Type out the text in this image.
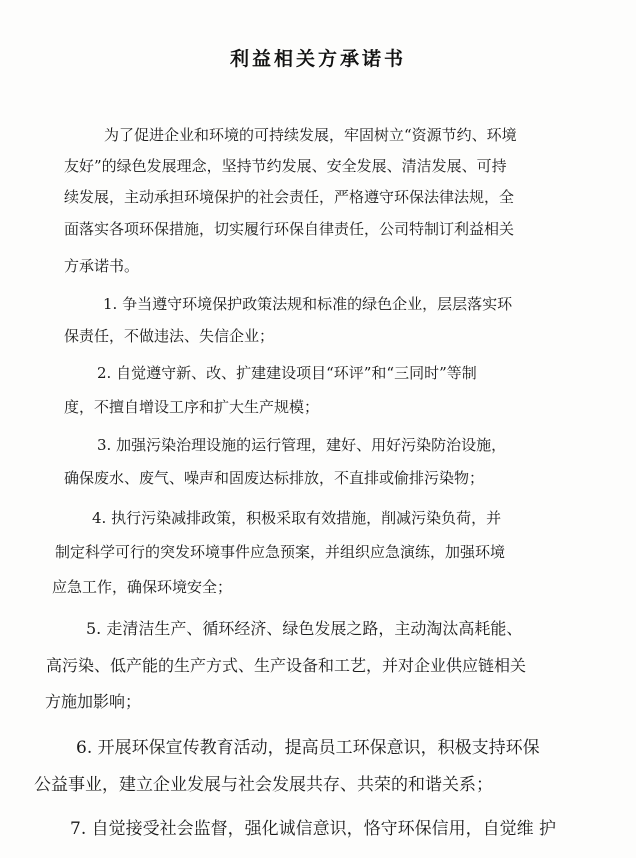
利益相关方承诺书
为了促进企业和环境的可持续发展，牢固树立“资源节约、环境
友好”的绿色发展理念，坚持节约发展、安全发展、清洁发展、可持
续发展，主动承担环境保护的社会责任，严格遵守环保法律法规，全
面落实各项环保措施，切实履行环保自律责任，公司特制订利益相关
方承诺书。
1. 争当遵守环境保护政策法规和标准的绿色企业，层层落实环
保责任，不做违法、失信企业；
2. 自觉遵守新、改、扩建建设项目“环评”和“三同时”等制
度，不擅自增设工序和扩大生产规模；
3. 加强污染治理设施的运行管理，建好、用好污染防治设施，
确保废水、废气、噪声和固废达标排放，不直排或偷排污染物；
4. 执行污染减排政策，积极采取有效措施，削减污染负荷，并
制定科学可行的突发环境事件应急预案，并组织应急演练，加强环境
应急工作，确保环境安全；
5. 走清洁生产、循环经济、绿色发展之路，主动淘汰高耗能、
高污染、低产能的生产方式、生产设备和工艺，并对企业供应链相关
方施加影响；
6. 开展环保宣传教育活动，提高员工环保意识，积极支持环保
公益事业，建立企业发展与社会发展共存、共荣的和谐关系；
7. 自觉接受社会监督，强化诚信意识，恪守环保信用，自觉维 护
